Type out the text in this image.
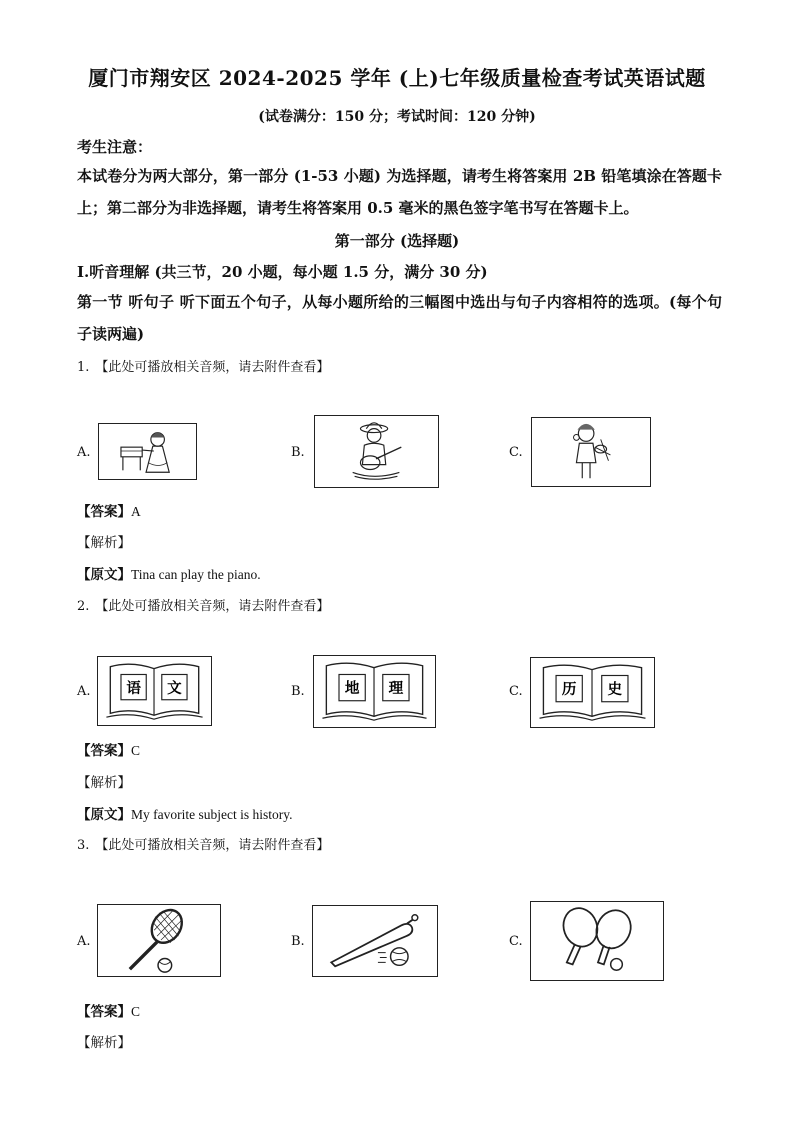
厦门市翔安区 2024-2025 学年 (上)七年级质量检查考试英语试题
(试卷满分：150 分；考试时间：120 分钟)
考生注意：
本试卷分为两大部分，第一部分 (1-53 小题) 为选择题，请考生将答案用 2B 铅笔填涂在答题卡上；第二部分为非选择题，请考生将答案用 0.5 毫米的黑色签字笔书写在答题卡上。
第一部分 (选择题)
I.听音理解 (共三节，20 小题，每小题 1.5 分，满分 30 分)
第一节 听句子 听下面五个句子，从每小题所给的三幅图中选出与句子内容相符的选项。(每个句子读两遍)
1. 【此处可播放相关音频，请去附件查看】
A.	B.	C.
【答案】A
【解析】
【原文】Tina can play the piano.
2. 【此处可播放相关音频，请去附件查看】
A. 语 文	B.	地 理	C.	历 史
【答案】C
【解析】
【原文】My favorite subject is history.
3. 【此处可播放相关音频，请去附件查看】
A.	B.	C.
【答案】C
【解析】
